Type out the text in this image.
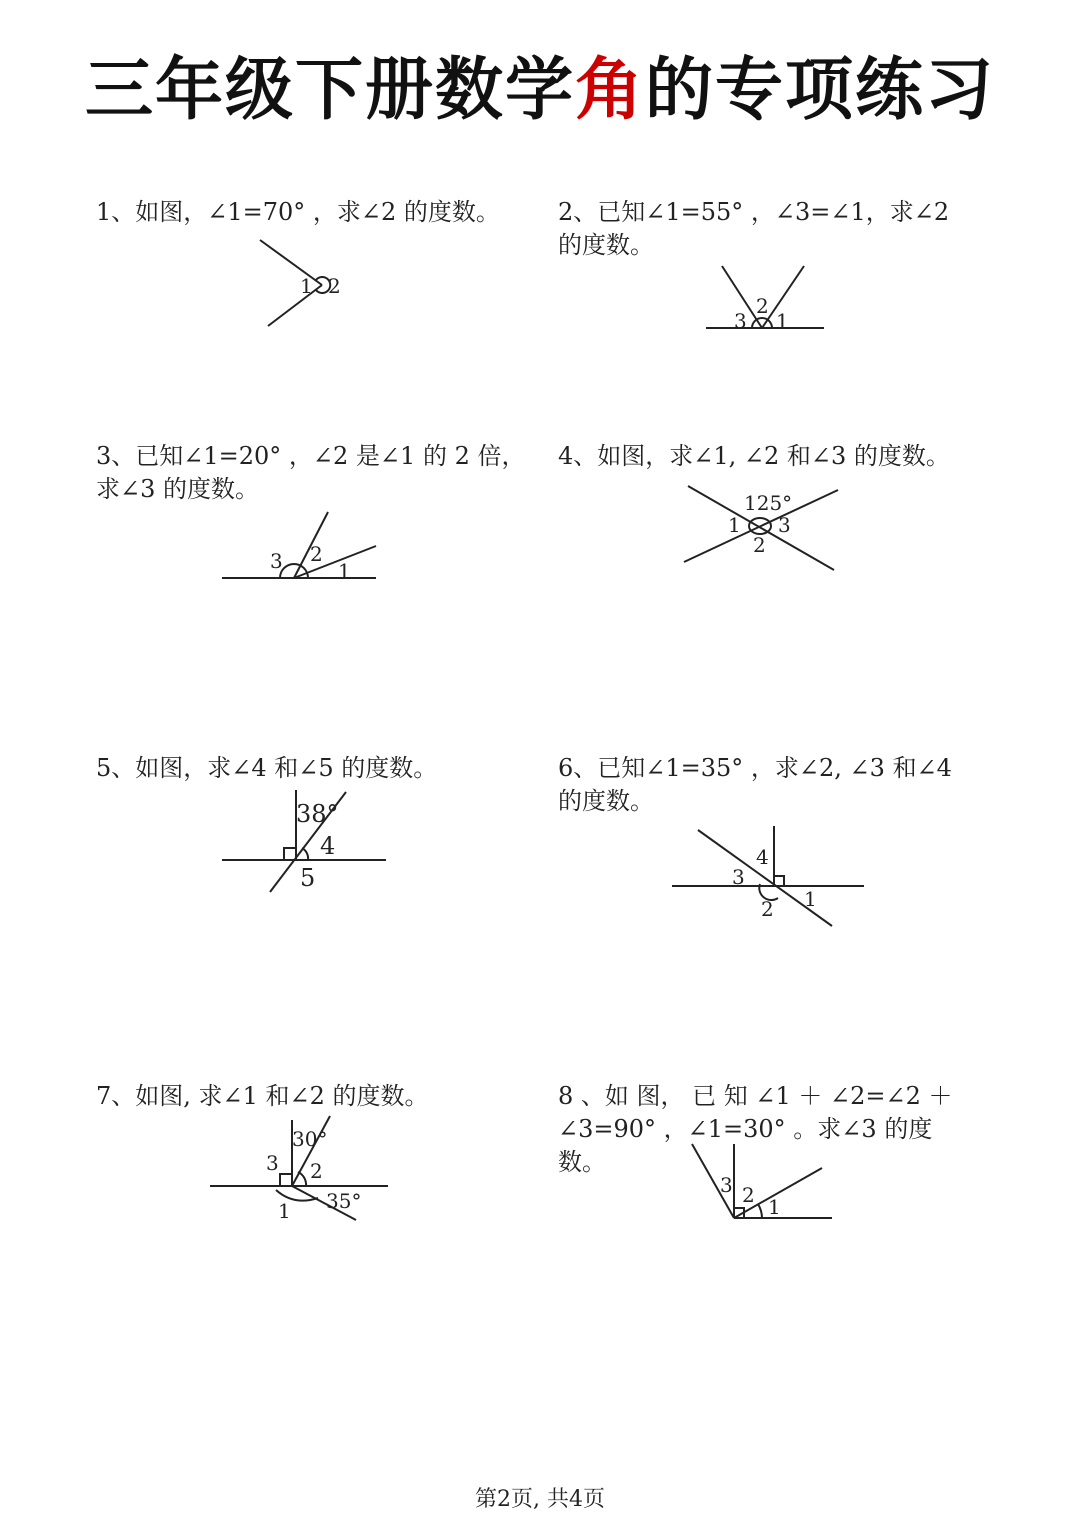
三年级下册数学角的专项练习
1、如图，∠1=70° ，求∠2 的度数。
1 2
2、已知∠1=55° ，∠3=∠1，求∠2 的度数。
2
3 1
3、已知∠1=20° ，∠2 是∠1 的 2 倍，求∠3 的度数。
3 2
1
4、如图，求∠1, ∠2 和∠3 的度数。
125°
1 3
2
5、如图，求∠4 和∠5 的度数。
38°
4
5
6、已知∠1=35° ，求∠2, ∠3 和∠4 的度数。
4
3
2 1
7、如图, 求∠1 和∠2 的度数。
30°
3 2
35°
1
8 、如 图， 已 知 ∠1 ＋ ∠2=∠2 ＋ ∠3=90° ，∠1=30° 。求∠3 的度数。
3 2 1
第2页, 共4页
